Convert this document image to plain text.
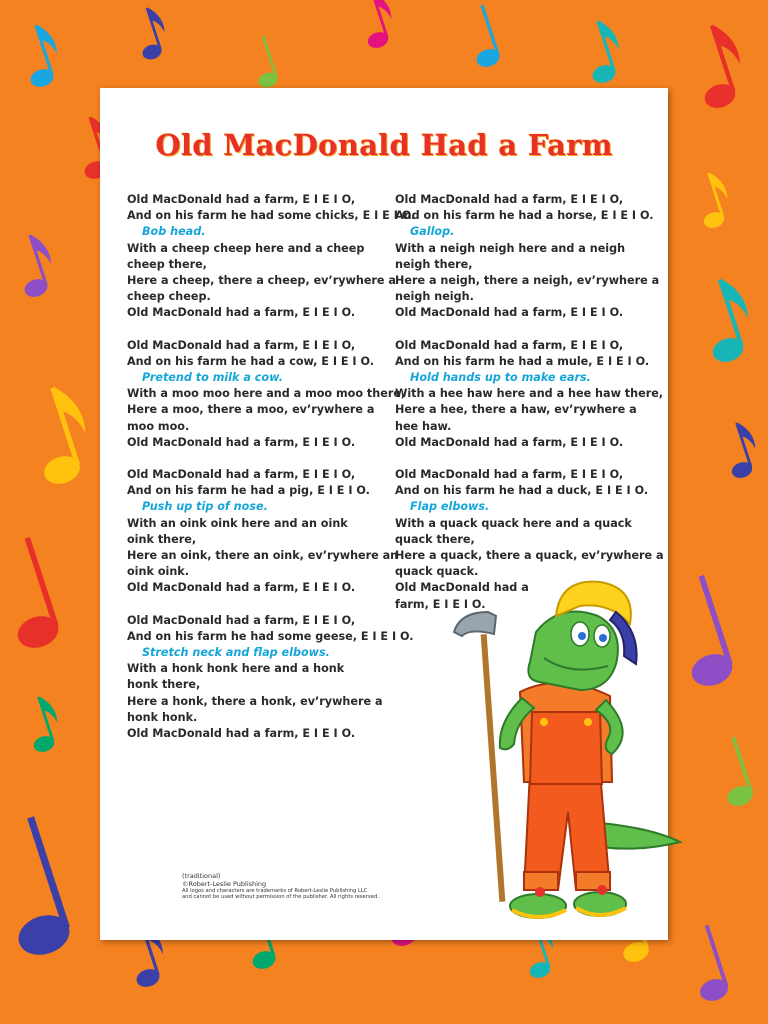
Old MacDonald Had a Farm
Old MacDonald had a farm, E I E I O,
And on his farm he had some chicks, E I E I O.
Bob head.
With a cheep cheep here and a cheep
cheep there,
Here a cheep, there a cheep, ev’rywhere a
cheep cheep.
Old MacDonald had a farm, E I E I O.
Old MacDonald had a farm, E I E I O,
And on his farm he had a cow, E I E I O.
Pretend to milk a cow.
With a moo moo here and a moo moo there,
Here a moo, there a moo, ev’rywhere a
moo moo.
Old MacDonald had a farm, E I E I O.
Old MacDonald had a farm, E I E I O,
And on his farm he had a pig, E I E I O.
Push up tip of nose.
With an oink oink here and an oink
oink there,
Here an oink, there an oink, ev’rywhere an
oink oink.
Old MacDonald had a farm, E I E I O.
Old MacDonald had a farm, E I E I O,
And on his farm he had some geese, E I E I O.
Stretch neck and flap elbows.
With a honk honk here and a honk
honk there,
Here a honk, there a honk, ev’rywhere a
honk honk.
Old MacDonald had a farm, E I E I O.
Old MacDonald had a farm, E I E I O,
And on his farm he had a horse, E I E I O.
Gallop.
With a neigh neigh here and a neigh
neigh there,
Here a neigh, there a neigh, ev’rywhere a
neigh neigh.
Old MacDonald had a farm, E I E I O.
Old MacDonald had a farm, E I E I O,
And on his farm he had a mule, E I E I O.
Hold hands up to make ears.
With a hee haw here and a hee haw there,
Here a hee, there a haw, ev’rywhere a
hee haw.
Old MacDonald had a farm, E I E I O.
Old MacDonald had a farm, E I E I O,
And on his farm he had a duck, E I E I O.
Flap elbows.
With a quack quack here and a quack
quack there,
Here a quack, there a quack, ev’rywhere a
quack quack.
Old MacDonald had a
farm, E I E I O.
(traditional)
©Robert-Leslie Publishing
All logos and characters are trademarks of Robert-Leslie Publishing LLC
and cannot be used without permission of the publisher. All rights reserved.
